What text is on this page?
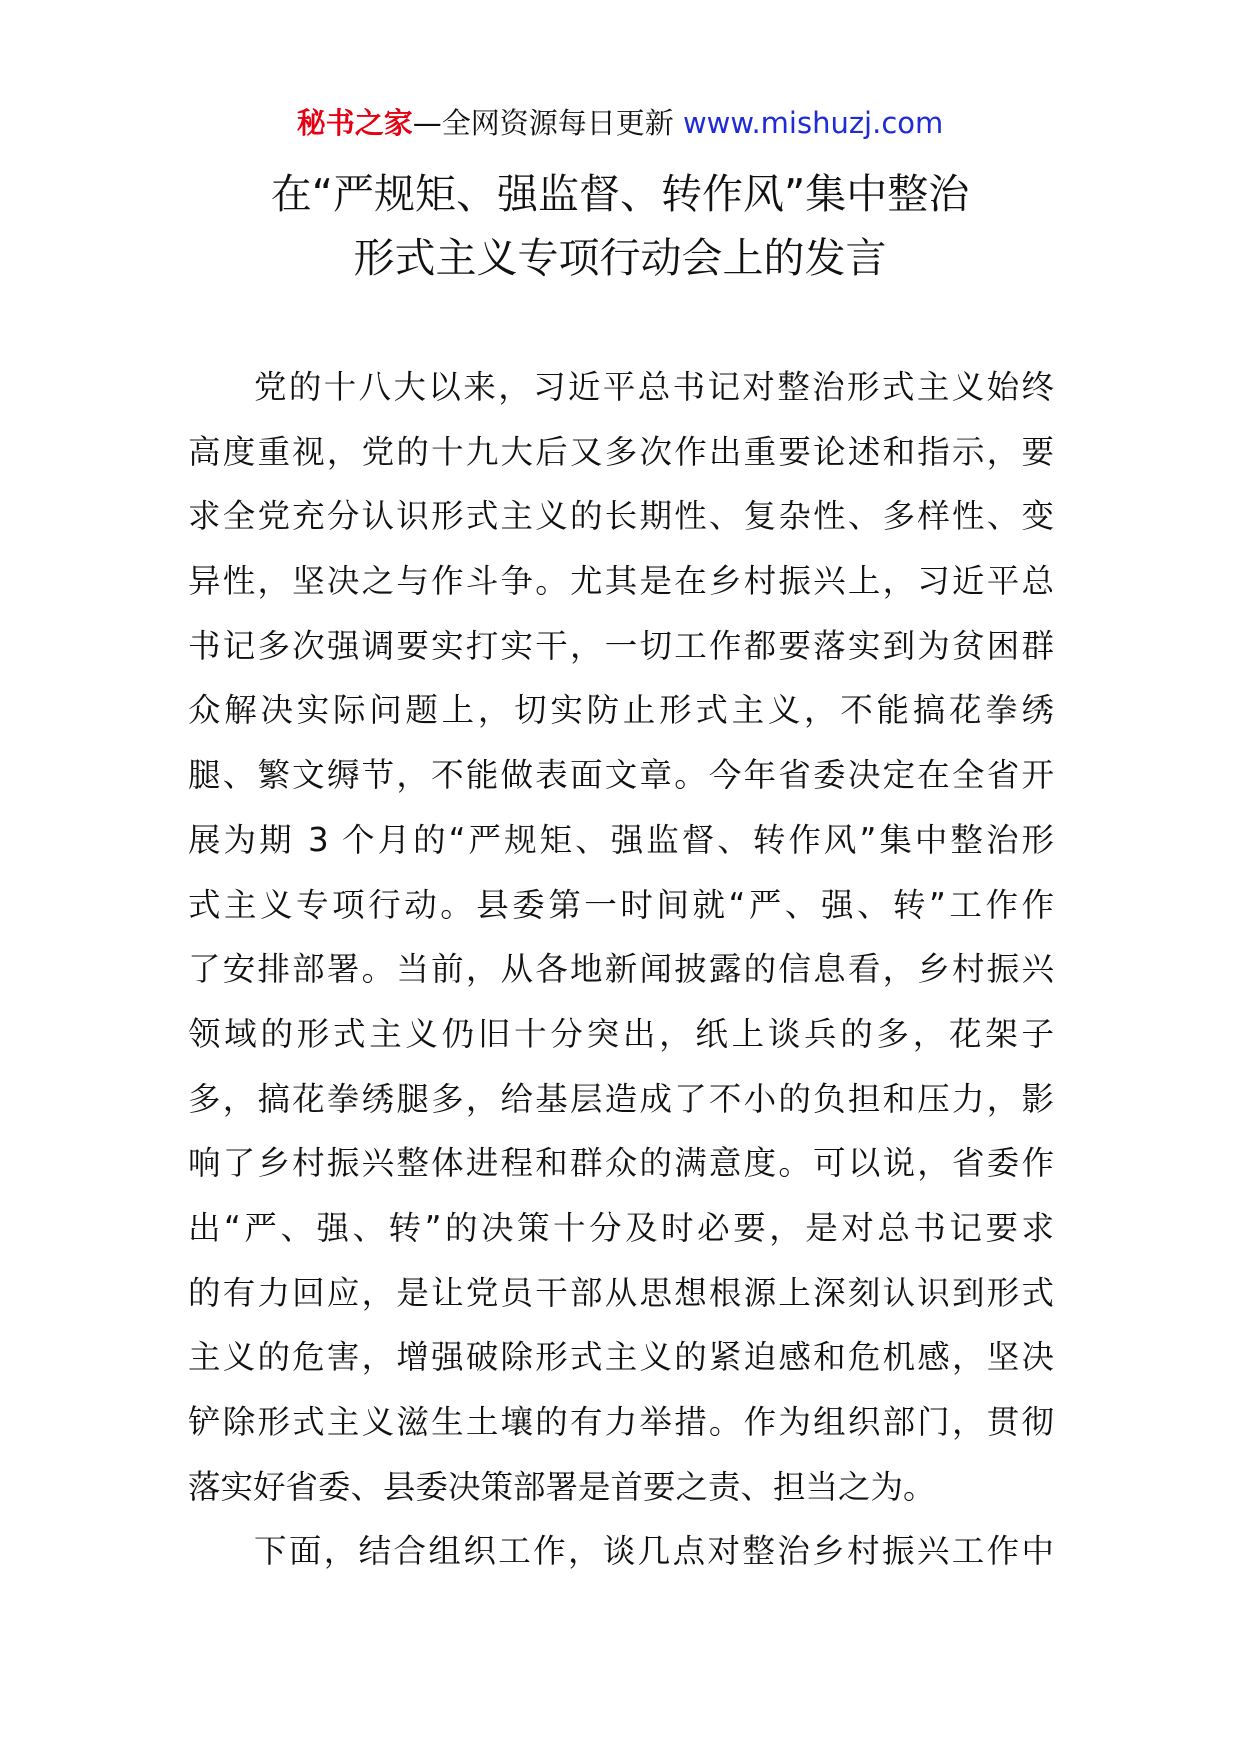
秘书之家—全网资源每日更新 www.mishuzj.com
在“严规矩、强监督、转作风”集中整治
形式主义专项行动会上的发言
党的十八大以来，习近平总书记对整治形式主义始终
高度重视，党的十九大后又多次作出重要论述和指示，要
求全党充分认识形式主义的长期性、复杂性、多样性、变
异性，坚决之与作斗争。尤其是在乡村振兴上，习近平总
书记多次强调要实打实干，一切工作都要落实到为贫困群
众解决实际问题上，切实防止形式主义，不能搞花拳绣
腿、繁文缛节，不能做表面文章。今年省委决定在全省开
展为期 3 个月的“严规矩、强监督、转作风”集中整治形
式主义专项行动。县委第一时间就“严、强、转”工作作
了安排部署。当前，从各地新闻披露的信息看，乡村振兴
领域的形式主义仍旧十分突出，纸上谈兵的多，花架子
多，搞花拳绣腿多，给基层造成了不小的负担和压力，影
响了乡村振兴整体进程和群众的满意度。可以说，省委作
出“严、强、转”的决策十分及时必要，是对总书记要求
的有力回应，是让党员干部从思想根源上深刻认识到形式
主义的危害，增强破除形式主义的紧迫感和危机感，坚决
铲除形式主义滋生土壤的有力举措。作为组织部门，贯彻
落实好省委、县委决策部署是首要之责、担当之为。
下面，结合组织工作，谈几点对整治乡村振兴工作中
